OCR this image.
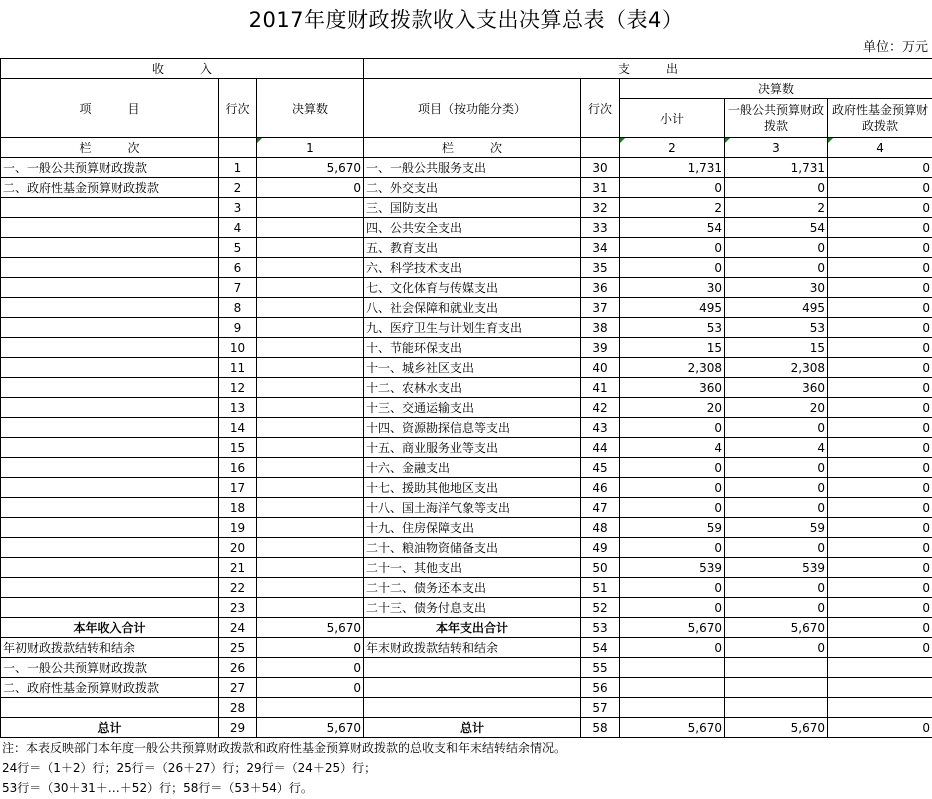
2017年度财政拨款收入支出决算总表（表4）
单位：万元
收　　　入			支　　　出				
项　　　目	行次	决算数	项目（按功能分类）	行次	决算数		
					小计	一般公共预算财政拨款	政府性基金预算财政拨款
栏　　　次		1	栏　　　次		2	3	4
一、一般公共预算财政拨款	1	5,670	一、一般公共服务支出	30	1,731	1,731	0
二、政府性基金预算财政拨款	2	0	二、外交支出	31	0	0	0
	3		三、国防支出	32	2	2	0
	4		四、公共安全支出	33	54	54	0
	5		五、教育支出	34	0	0	0
	6		六、科学技术支出	35	0	0	0
	7		七、文化体育与传媒支出	36	30	30	0
	8		八、社会保障和就业支出	37	495	495	0
	9		九、医疗卫生与计划生育支出	38	53	53	0
	10		十、节能环保支出	39	15	15	0
	11		十一、城乡社区支出	40	2,308	2,308	0
	12		十二、农林水支出	41	360	360	0
	13		十三、交通运输支出	42	20	20	0
	14		十四、资源勘探信息等支出	43	0	0	0
	15		十五、商业服务业等支出	44	4	4	0
	16		十六、金融支出	45	0	0	0
	17		十七、援助其他地区支出	46	0	0	0
	18		十八、国土海洋气象等支出	47	0	0	0
	19		十九、住房保障支出	48	59	59	0
	20		二十、粮油物资储备支出	49	0	0	0
	21		二十一、其他支出	50	539	539	0
	22		二十二、债务还本支出	51	0	0	0
	23		二十三、债务付息支出	52	0	0	0
本年收入合计	24	5,670	本年支出合计	53	5,670	5,670	0
年初财政拨款结转和结余	25	0	年末财政拨款结转和结余	54	0	0	0
一、一般公共预算财政拨款	26	0		55			
二、政府性基金预算财政拨款	27	0		56			
	28			57			
总计	29	5,670	总计	58	5,670	5,670	0
注：本表反映部门本年度一般公共预算财政拨款和政府性基金预算财政拨款的总收支和年末结转结余情况。
24行＝（1＋2）行；25行＝（26＋27）行；29行＝（24＋25）行；
53行＝（30＋31＋…＋52）行；58行＝（53＋54）行。
